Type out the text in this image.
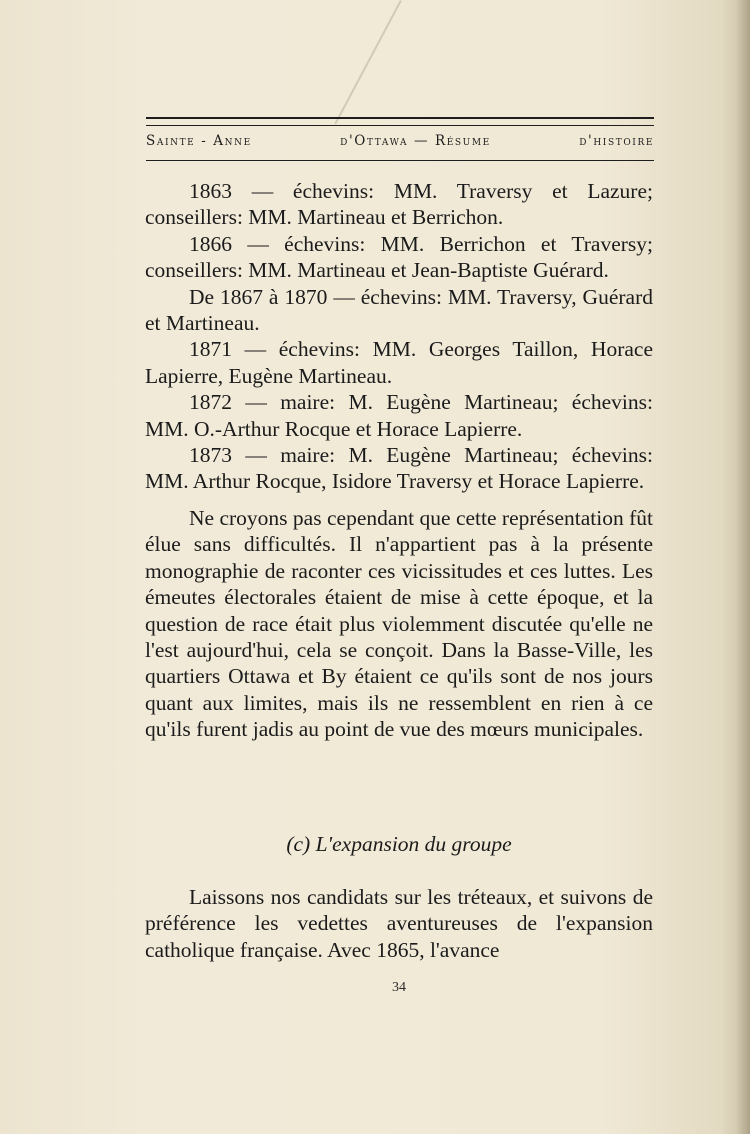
Sainte - Anne	d'Ottawa — Résume	d'histoire

1863 — échevins: MM. Traversy et Lazure; conseillers: MM. Martineau et Berrichon.

1866 — échevins: MM. Berrichon et Traversy; conseillers: MM. Martineau et Jean-Baptiste Guérard.

De 1867 à 1870 — échevins: MM. Traversy, Guérard et Martineau.

1871 — échevins: MM. Georges Taillon, Horace Lapierre, Eugène Martineau.

1872 — maire: M. Eugène Martineau; échevins: MM. O.-Arthur Rocque et Horace Lapierre.

1873 — maire: M. Eugène Martineau; échevins: MM. Arthur Rocque, Isidore Traversy et Horace Lapierre.

Ne croyons pas cependant que cette représentation fût élue sans difficultés. Il n'appartient pas à la présente monographie de raconter ces vicissitudes et ces luttes. Les émeutes électorales étaient de mise à cette époque, et la question de race était plus violemment discutée qu'elle ne l'est aujourd'hui, cela se conçoit. Dans la Basse-Ville, les quartiers Ottawa et By étaient ce qu'ils sont de nos jours quant aux limites, mais ils ne ressemblent en rien à ce qu'ils furent jadis au point de vue des mœurs municipales.

(c) L'expansion du groupe

Laissons nos candidats sur les tréteaux, et suivons de préférence les vedettes aventureuses de l'expansion catholique française. Avec 1865, l'avance

34
